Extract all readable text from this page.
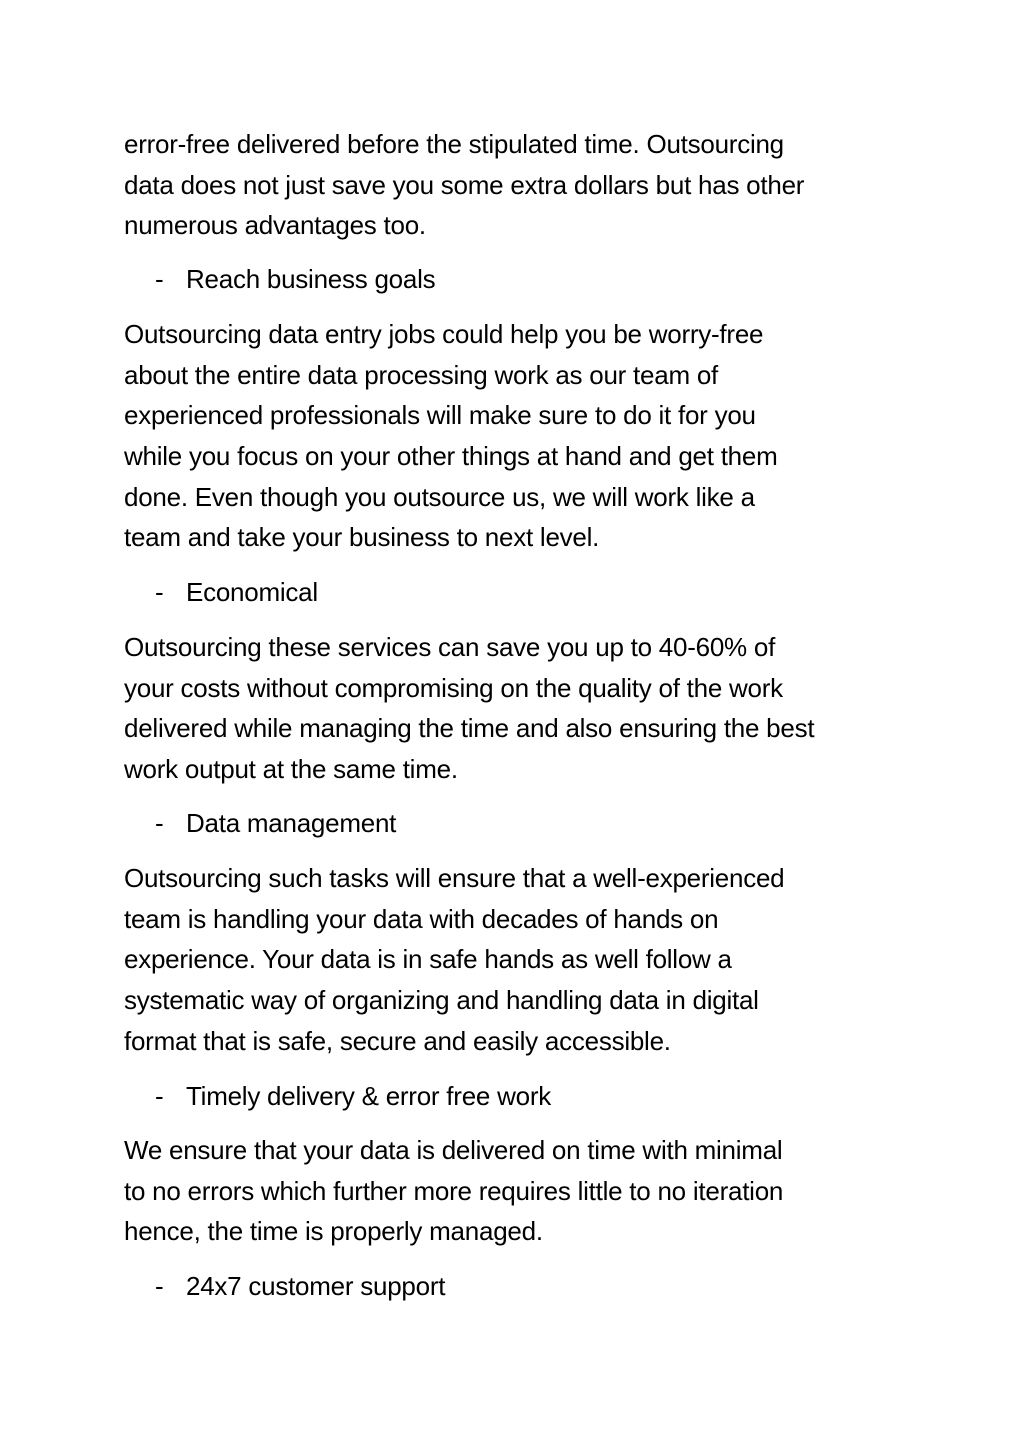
error-free delivered before the stipulated time. Outsourcing
data does not just save you some extra dollars but has other
numerous advantages too.
- Reach business goals
Outsourcing data entry jobs could help you be worry-free
about the entire data processing work as our team of
experienced professionals will make sure to do it for you
while you focus on your other things at hand and get them
done. Even though you outsource us, we will work like a
team and take your business to next level.
- Economical
Outsourcing these services can save you up to 40-60% of
your costs without compromising on the quality of the work
delivered while managing the time and also ensuring the best
work output at the same time.
- Data management
Outsourcing such tasks will ensure that a well-experienced
team is handling your data with decades of hands on
experience. Your data is in safe hands as well follow a
systematic way of organizing and handling data in digital
format that is safe, secure and easily accessible.
- Timely delivery & error free work
We ensure that your data is delivered on time with minimal
to no errors which further more requires little to no iteration
hence, the time is properly managed.
- 24x7 customer support
